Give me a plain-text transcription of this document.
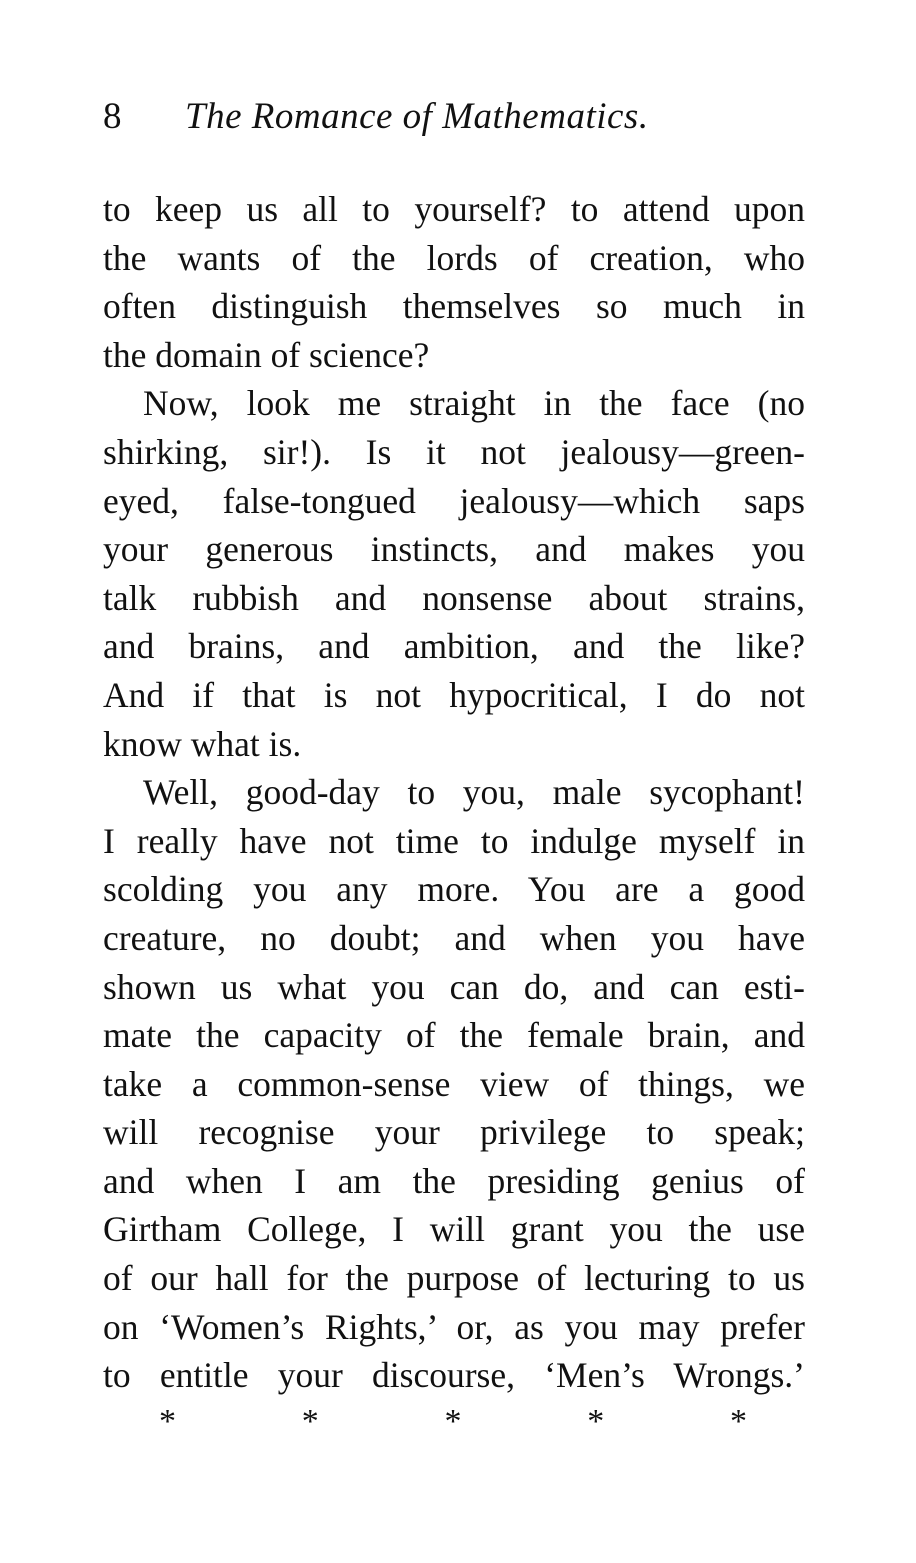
8	The Romance of Mathematics.
to keep us all to yourself? to attend upon
the wants of the lords of creation, who
often distinguish themselves so much in
the domain of science?
Now, look me straight in the face (no
shirking, sir!). Is it not jealousy—green-
eyed, false-tongued jealousy—which saps
your generous instincts, and makes you
talk rubbish and nonsense about strains,
and brains, and ambition, and the like?
And if that is not hypocritical, I do not
know what is.
Well, good-day to you, male sycophant!
I really have not time to indulge myself in
scolding you any more. You are a good
creature, no doubt; and when you have
shown us what you can do, and can esti-
mate the capacity of the female brain, and
take a common-sense view of things, we
will recognise your privilege to speak;
and when I am the presiding genius of
Girtham College, I will grant you the use
of our hall for the purpose of lecturing to us
on ‘Women’s Rights,’ or, as you may prefer
to entitle your discourse, ‘Men’s Wrongs.’
*	*	*	*	*
